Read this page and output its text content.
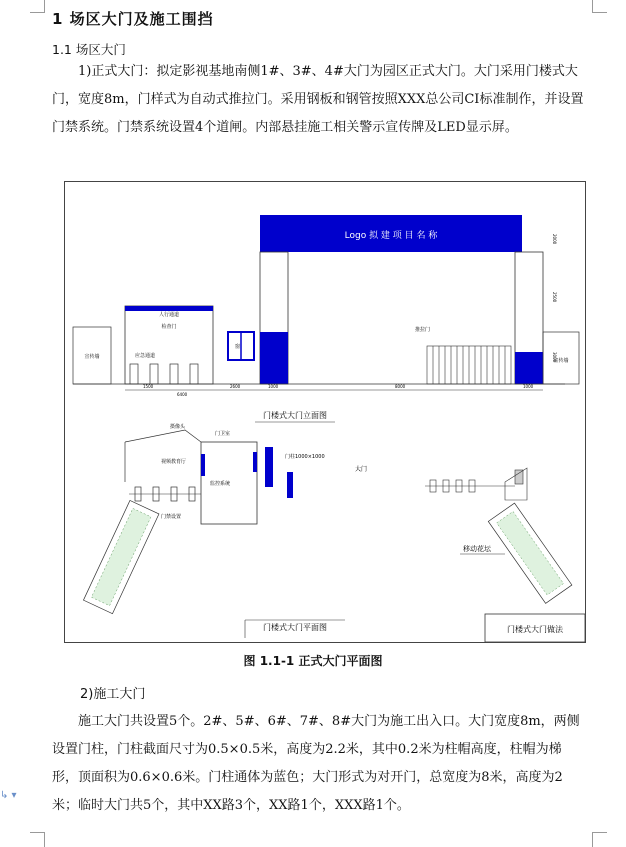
1 场区大门及施工围挡
1.1 场区大门
1)正式大门：拟定影视基地南侧1#、3#、4#大门为园区正式大门。大门采用门楼式大门，宽度8m，门样式为自动式推拉门。采用钢板和钢管按照XXX总公司CI标准制作，并设置门禁系统。门禁系统设置4个道闸。内部悬挂施工相关警示宣传牌及LED显示屏。
Logo 拟 建 项 目 名 称
人行通道
检查门
应急通道
窗
宣传墙
推拉门
宣传墙
1500
6400
2600	1000	8000	1000
2000
2500
3000
门楼式大门立面图
门卫室
监控系统
摄像头
视频教育厅
门禁设置
门柱1000×1000
大门
移动花坛
门楼式大门平面图	门楼式大门做法
图 1.1-1 正式大门平面图
2)施工大门
施工大门共设置5个。2#、5#、6#、7#、8#大门为施工出入口。大门宽度8m，两侧设置门柱，门柱截面尺寸为0.5×0.5米，高度为2.2米，其中0.2米为柱帽高度，柱帽为梯形，顶面积为0.6×0.6米。门柱通体为蓝色；大门形式为对开门，总宽度为8米，高度为2米；临时大门共5个，其中XX路3个，XX路1个，XXX路1个。
↳ ▾
